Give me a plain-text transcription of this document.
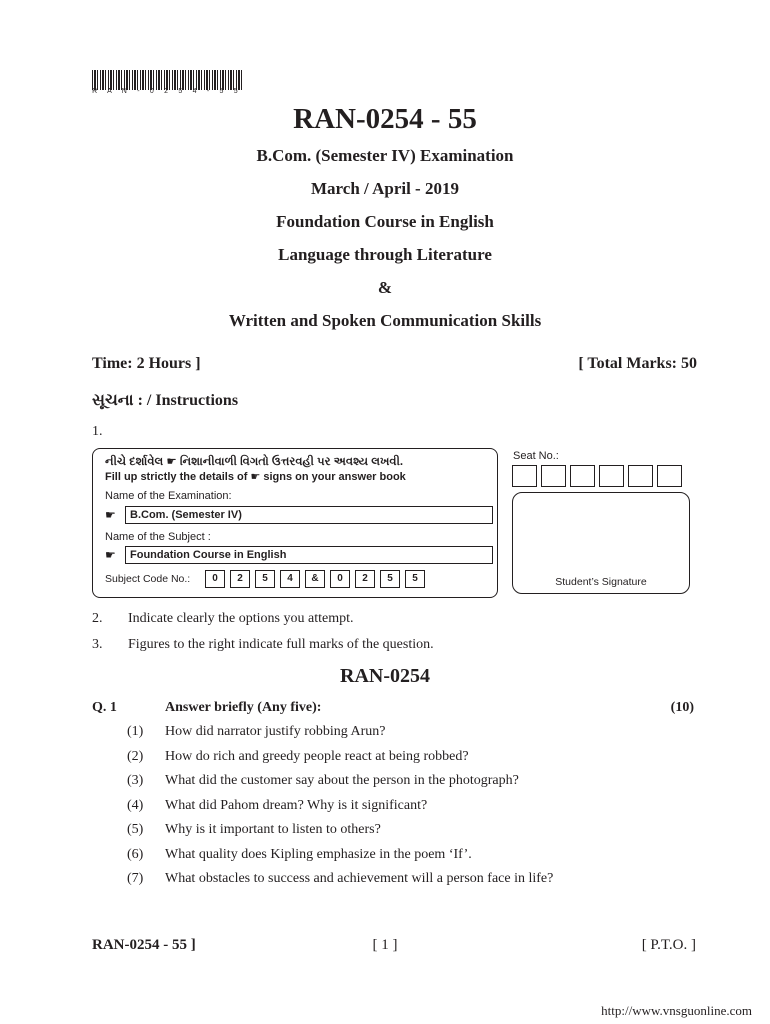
R A N - 0 2 5 4 - 5 5
RAN-0254 - 55
B.Com. (Semester IV) Examination
March / April - 2019
Foundation Course in English
Language through Literature
&
Written and Spoken Communication Skills
Time: 2 Hours ]	[ Total Marks: 50
સૂચના : / Instructions
1.
નીચે દર્શાવેલ ☛ નિશાનીવાળી વિગતો ઉત્તરવહી પર અવશ્ય લખવી.
Fill up strictly the details of ☛ signs on your answer book
Name of the Examination:
☛	B.Com. (Semester IV)
Name of the Subject :
☛	Foundation Course in English
Subject Code No.:	0	2	5	4	&	0	2	5	5
Seat No.:
Student’s Signature
2. Indicate clearly the options you attempt.
3. Figures to the right indicate full marks of the question.
RAN-0254
Q. 1	Answer briefly (Any five):	(10)
(1) How did narrator justify robbing Arun?
(2) How do rich and greedy people react at being robbed?
(3) What did the customer say about the person in the photograph?
(4) What did Pahom dream? Why is it significant?
(5) Why is it important to listen to others?
(6) What quality does Kipling emphasize in the poem ‘If’.
(7) What obstacles to success and achievement will a person face in life?
RAN-0254 - 55 ]	[ 1 ]	[ P.T.O. ]
http://www.vnsguonline.com
